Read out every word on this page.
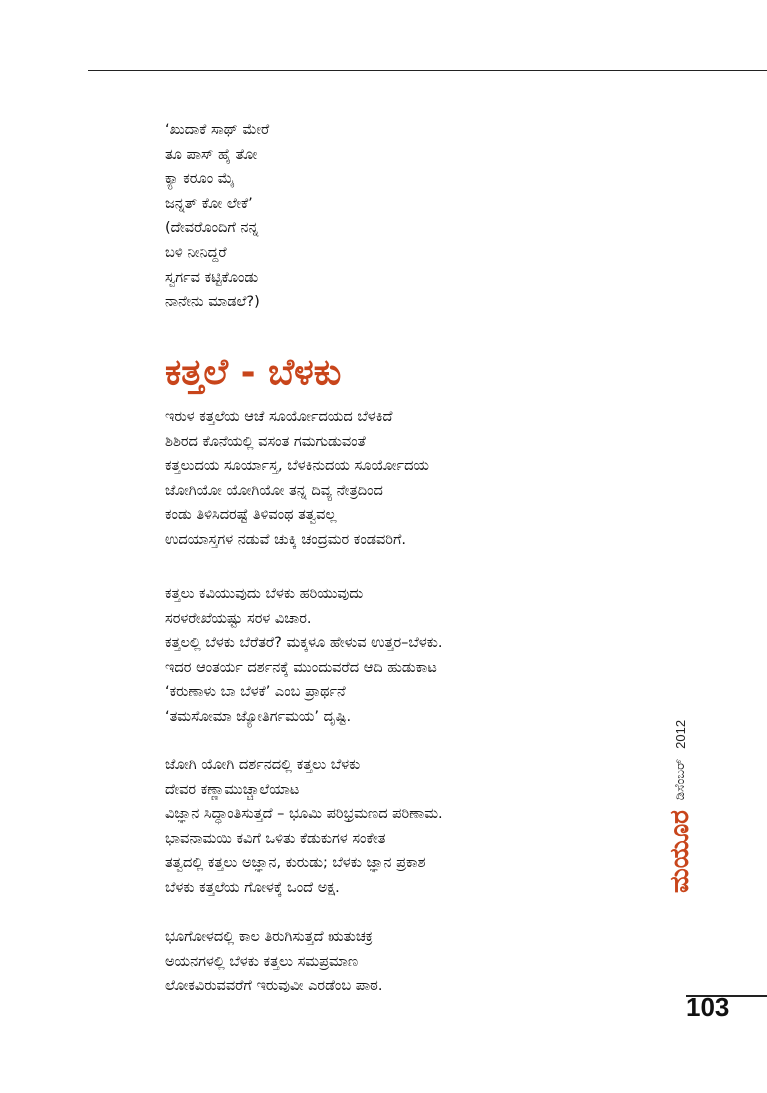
‘ಖುದಾಕೆ ಸಾಥ್ ಮೇರೆ
ತೂ ಪಾಸ್ ಹೈ ತೋ
ಕ್ಯಾ ಕರೂಂ ಮೈ
ಜನ್ನತ್ ಕೋ ಲೇಕೆ’
(ದೇವರೊಂದಿಗೆ ನನ್ನ
ಬಳಿ ನೀನಿದ್ದರೆ
ಸ್ವರ್ಗವ ಕಟ್ಟಿಕೊಂಡು
ನಾನೇನು ಮಾಡಲೆ?)
ಕತ್ತಲೆ - ಬೆಳಕು
ಇರುಳ ಕತ್ತಲೆಯ ಆಚೆ ಸೂರ್ಯೋದಯದ ಬೆಳಕಿದೆ
ಶಿಶಿರದ ಕೊನೆಯಲ್ಲಿ ವಸಂತ ಗಮಗುಡುವಂತೆ
ಕತ್ತಲುದಯ ಸೂರ್ಯಾಸ್ತ, ಬೆಳಕಿನುದಯ ಸೂರ್ಯೋದಯ
ಜೋಗಿಯೋ ಯೋಗಿಯೋ ತನ್ನ ದಿವ್ಯ ನೇತ್ರದಿಂದ
ಕಂಡು ತಿಳಿಸಿದರಷ್ಟೆ ತಿಳಿವಂಥ ತತ್ವವಲ್ಲ
ಉದಯಾಸ್ತಗಳ ನಡುವೆ ಚುಕ್ಕಿ ಚಂದ್ರಮರ ಕಂಡವರಿಗೆ.
ಕತ್ತಲು ಕವಿಯುವುದು ಬೆಳಕು ಹರಿಯುವುದು
ಸರಳರೇಖೆಯಷ್ಟು ಸರಳ ವಿಚಾರ.
ಕತ್ತಲಲ್ಲಿ ಬೆಳಕು ಬೆರೆತರೆ? ಮಕ್ಕಳೂ ಹೇಳುವ ಉತ್ತರ–ಬೆಳಕು.
ಇದರ ಆಂತರ್ಯ ದರ್ಶನಕ್ಕೆ ಮುಂದುವರೆದ ಆದಿ ಹುಡುಕಾಟ
‘ಕರುಣಾಳು ಬಾ ಬೆಳಕೆ’ ಎಂಬ ಪ್ರಾರ್ಥನೆ
‘ತಮಸೋಮಾ ಜ್ಯೋತಿರ್ಗಮಯ’ ದೃಷ್ಟಿ.
ಜೋಗಿ ಯೋಗಿ ದರ್ಶನದಲ್ಲಿ ಕತ್ತಲು ಬೆಳಕು
ದೇವರ ಕಣ್ಣಾಮುಚ್ಚಾಲೆಯಾಟ
ವಿಜ್ಞಾನ ಸಿದ್ಧಾಂತಿಸುತ್ತದೆ – ಭೂಮಿ ಪರಿಭ್ರಮಣದ ಪರಿಣಾಮ.
ಭಾವನಾಮಯಿ ಕವಿಗೆ ಒಳಿತು ಕೆಡುಕುಗಳ ಸಂಕೇತ
ತತ್ವದಲ್ಲಿ ಕತ್ತಲು ಅಜ್ಞಾನ, ಕುರುಡು; ಬೆಳಕು ಜ್ಞಾನ ಪ್ರಕಾಶ
ಬೆಳಕು ಕತ್ತಲೆಯ ಗೋಳಕ್ಕೆ ಒಂದೆ ಅಕ್ಷ.
ಭೂಗೋಳದಲ್ಲಿ ಕಾಲ ತಿರುಗಿಸುತ್ತದೆ ಋತುಚಕ್ರ
ಅಯನಗಳಲ್ಲಿ ಬೆಳಕು ಕತ್ತಲು ಸಮಪ್ರಮಾಣ
ಲೋಕವಿರುವವರೆಗೆ ಇರುವುವೀ ಎರಡೆಂಬ ಪಾಠ.
ಮಯೂರ
ಡಿಸೆಂಬರ್
2012

103
